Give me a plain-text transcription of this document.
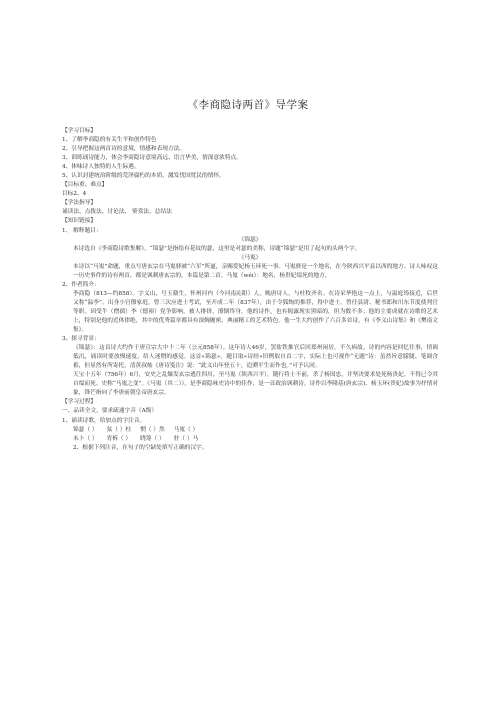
《李商隐诗两首》导学案
【学习目标】
1、了解李商隐的有关生平和创作特色
2、引导把握这两首诗的意境，情感和表现方法。
3、训练诵诗能力，体会李商隐诗意境高远、语言华美、情深意浓特点。
4、体味诗人独特的人生际遇。
5、认识封建统治阶级的荒淫腐朽的本质，激发忧国忧民的情怀。
【目标重、难点】
目标2、4
【学法指导】
诵读法、点拨法、讨论法、 鉴赏法、总结法
【知识链接】
1、 解释题目：
《锦瑟》
本诗选自《李商隐诗歌集解》。“锦瑟”是指绘有花纹的瑟，这里是对瑟的美称，诗题“锦瑟”是用了起句的头两个字。
《马嵬》
本诗以“马嵬”命题，重点写唐玄宗在马嵬驿被“六军”所逼，亲赐爱妃杨玉环死一事。马嵬驿是一个地名，在今陕西兴平县以西的地方。诗人咏叹这一历史事件的诗有两首，都是讽刺唐玄宗的，本篇是第二首。马嵬（wéi）：地名，杨贵妃缢死的地方。
2、作者简介：
李商隐（813—约858）。字义山，号玉谿生，怀州河内（今河南沁阳）人，晚唐诗人，与杜牧齐名。在诗采华艳这一点上，与温庭筠接近，后世又称“温李”。出身小官僚家庭。曾三次应进士考试，至开成二年（837年），由于令狐绹的推荐，得中进士。曾任县尉、秘书郎和川东节度使判官等职。因受牛（僧孺）李（德裕）党争影响，被人排挤，潦倒终身。他的诗作，也有揭露现实黑暗的，但为数不多；他的主要成就在诗歌的艺术上，特别是他的近体律绝，其中的优秀篇章都具有深婉缠密、典丽精工的艺术特色。他一生大约创作了六百多首诗，有《李义山诗集》和《樊南文集》。
3、探寻背景：
《锦瑟》：这首诗大约作于唐宣宗大中十二年（公元858年）。这年诗人46岁，罢盐铁推官后回郑州闲居，不久病故。诗的内容是回忆往事，情调低沉，诵读时要放慢速度，给人迷惘的感觉。这首«锦瑟»，题目取«诗经»旧例取自首二字，实际上也可视作“无题”诗：虽然旨意朦胧、笔调含蓄，但显然有所寄托。清黄叔灿《唐诗笺注》说：“此义山年登五十，追溯平生而作也。”可予认同。
天宝十五年（756年）6月，安史之乱爆发玄宗逃往四川，至马嵬（陕西兴平），随行将士不前，杀了杨国忠，并坚决要求处死杨贵妃。不得已令其自缢而死。史称“马嵬之变”。《马嵬（其二）》，是李商隐咏史诗中的佳作，是一首政治讽刺诗。诗作以李隆基(唐玄宗)、杨玉环(贵妃)故事为抒情对象，锋芒指向了李唐前朝皇帝唐玄宗。
【学习过程】
一、品读全文，要求疏通字音（A级）
1、诵读诗歌，给加点的字注音。
锦瑟（ ） 弦（ ）柱 惘（ ）然 马嵬（ ）
未卜（ ） 宵柝（ ） 晓筹（ ） 驻（ ）马
2、根据下列注音，在句子的空缺处填写正确的汉字。
